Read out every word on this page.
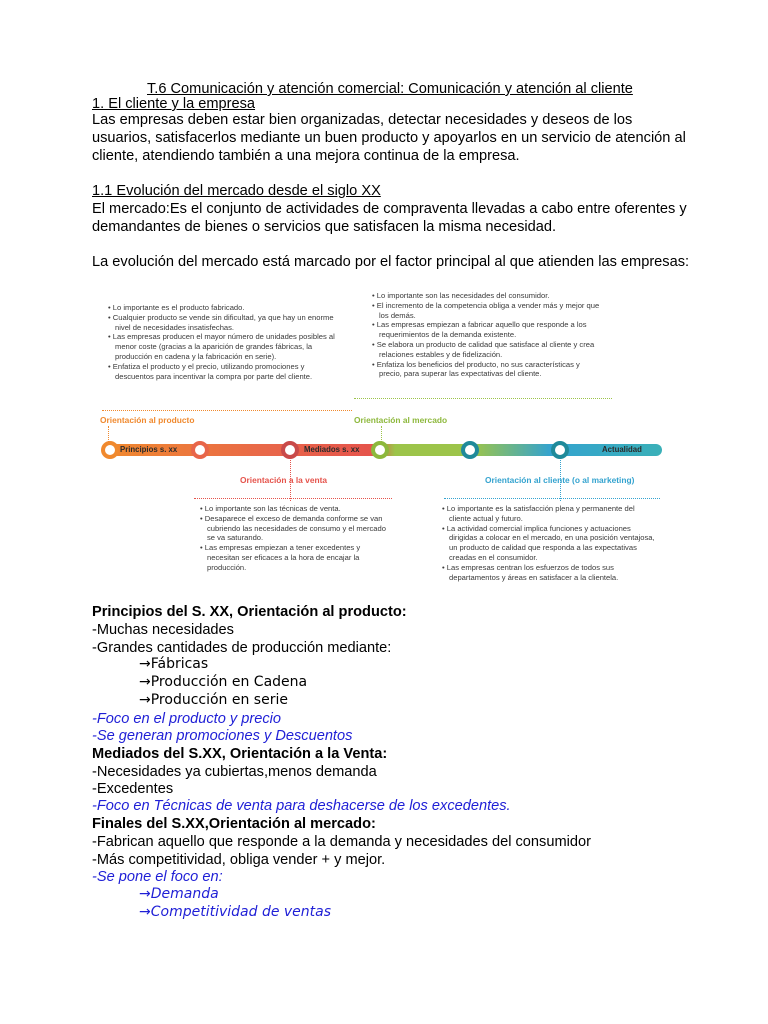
T.6 Comunicación y atención comercial: Comunicación y atención al cliente
1. El cliente y la empresa
Las empresas deben estar bien organizadas, detectar necesidades y deseos de los
usuarios, satisfacerlos mediante un buen producto y apoyarlos en un servicio de atención al
cliente, atendiendo también a una mejora continua de la empresa.
1.1 Evolución del mercado desde el siglo XX
El mercado:Es el conjunto de actividades de compraventa llevadas a cabo entre oferentes y
demandantes de bienes o servicios que satisfacen la misma necesidad.
La evolución del mercado está marcado por el factor principal al que atienden las empresas:
• Lo importante es el producto fabricado.
• Cualquier producto se vende sin dificultad, ya que hay un enorme nivel de necesidades insatisfechas.
• Las empresas producen el mayor número de unidades posibles al menor coste (gracias a la aparición de grandes fábricas, la producción en cadena y la fabricación en serie).
• Enfatiza el producto y el precio, utilizando promociones y descuentos para incentivar la compra por parte del cliente.
• Lo importante son las necesidades del consumidor.
• El incremento de la competencia obliga a vender más y mejor que los demás.
• Las empresas empiezan a fabricar aquello que responde a los requerimientos de la demanda existente.
• Se elabora un producto de calidad que satisface al cliente y crea relaciones estables y de fidelización.
• Enfatiza los beneficios del producto, no sus características y precio, para superar las expectativas del cliente.
Orientación al producto	Orientación al mercado
Principios s. xx	Mediados s. xx	Actualidad
Orientación a la venta	Orientación al cliente (o al marketing)
• Lo importante son las técnicas de venta.
• Desaparece el exceso de demanda conforme se van cubriendo las necesidades de consumo y el mercado se va saturando.
• Las empresas empiezan a tener excedentes y necesitan ser eficaces a la hora de encajar la producción.
• Lo importante es la satisfacción plena y permanente del cliente actual y futuro.
• La actividad comercial implica funciones y actuaciones dirigidas a colocar en el mercado, en una posición ventajosa, un producto de calidad que responda a las expectativas creadas en el consumidor.
• Las empresas centran los esfuerzos de todos sus departamentos y áreas en satisfacer a la clientela.
Principios del S. XX, Orientación al producto:
-Muchas necesidades
-Grandes cantidades de producción mediante:
→Fábricas
→Producción en Cadena
→Producción en serie
-Foco en el producto y precio
-Se generan promociones y Descuentos
Mediados del S.XX, Orientación a la Venta:
-Necesidades ya cubiertas,menos demanda
-Excedentes
-Foco en Técnicas de venta para deshacerse de los excedentes.
Finales del S.XX,Orientación al mercado:
-Fabrican aquello que responde a la demanda y necesidades del consumidor
-Más competitividad, obliga vender + y mejor.
-Se pone el foco en:
→Demanda
→Competitividad de ventas
